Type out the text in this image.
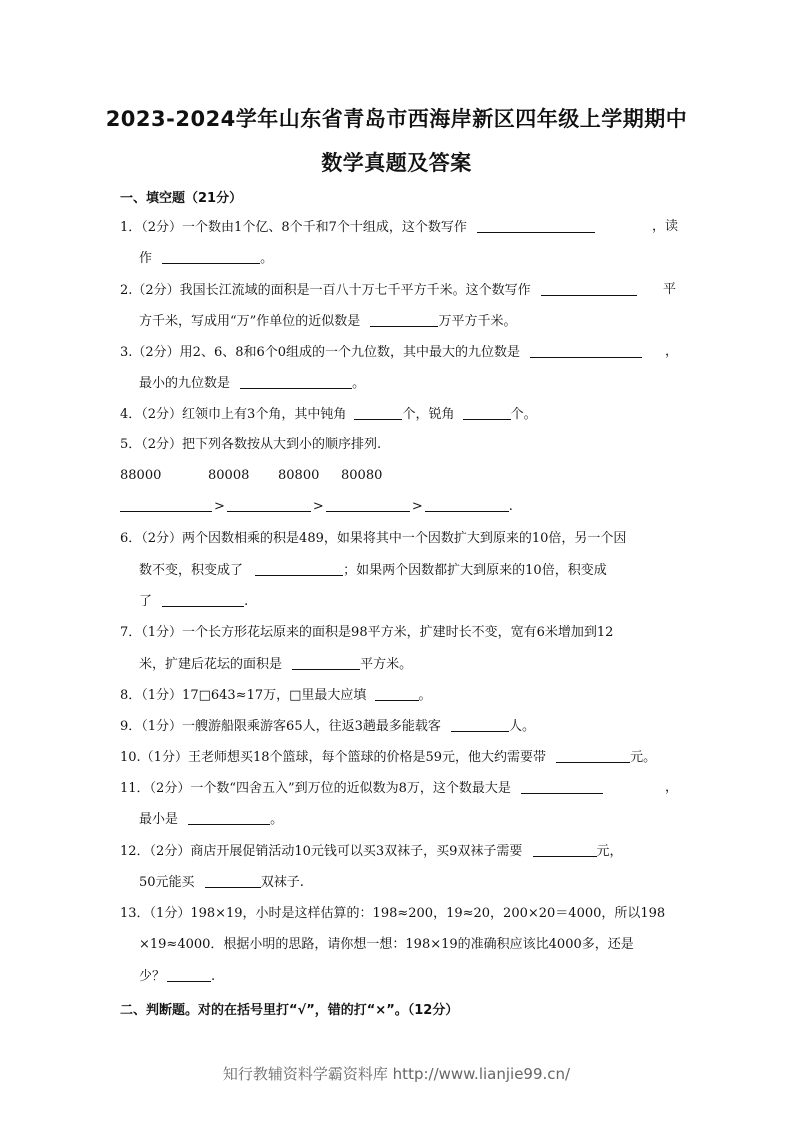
2023-2024学年山东省青岛市西海岸新区四年级上学期期中
数学真题及答案
一、填空题（21分）
1．（2分）一个数由1个亿、8个千和7个十组成，这个数写作	，读
作	。
2.（2分）我国长江流域的面积是一百八十万七千平方千米。这个数写作	平
方千米，写成用“万”作单位的近似数是	万平方千米。
3.（2分）用2、6、8和6个0组成的一个九位数，其中最大的九位数是	，
最小的九位数是	。
4．（2分）红领巾上有3个角，其中钝角	个，锐角	个。
5．（2分）把下列各数按从大到小的顺序排列.
88000	80008 80800 80080
>	>	>	.
6．（2分）两个因数相乘的积是489，如果将其中一个因数扩大到原来的10倍，另一个因
数不变，积变成了	；如果两个因数都扩大到原来的10倍，积变成
了	.
7．（1分）一个长方形花坛原来的面积是98平方米，扩建时长不变，宽有6米增加到12
米，扩建后花坛的面积是	平方米。
8．（1分）17□643≈17万，□里最大应填	。
9．（1分）一艘游船限乘游客65人，往返3趟最多能载客	人。
10.（1分）王老师想买18个篮球，每个篮球的价格是59元，他大约需要带	元。
11．（2分）一个数“四舍五入”到万位的近似数为8万，这个数最大是	，
最小是	。
12．（2分）商店开展促销活动10元钱可以买3双袜子，买9双袜子需要	元，
50元能买	双袜子.
13．（1分）198×19，小时是这样估算的：198≈200，19≈20，200×20＝4000，所以198
×19≈4000．根据小明的思路，请你想一想：198×19的准确积应该比4000多，还是
少？	.
二、判断题。对的在括号里打“√”，错的打“×”。（12分）
知行教辅资料学霸资料库 http://www.lianjie99.cn/
